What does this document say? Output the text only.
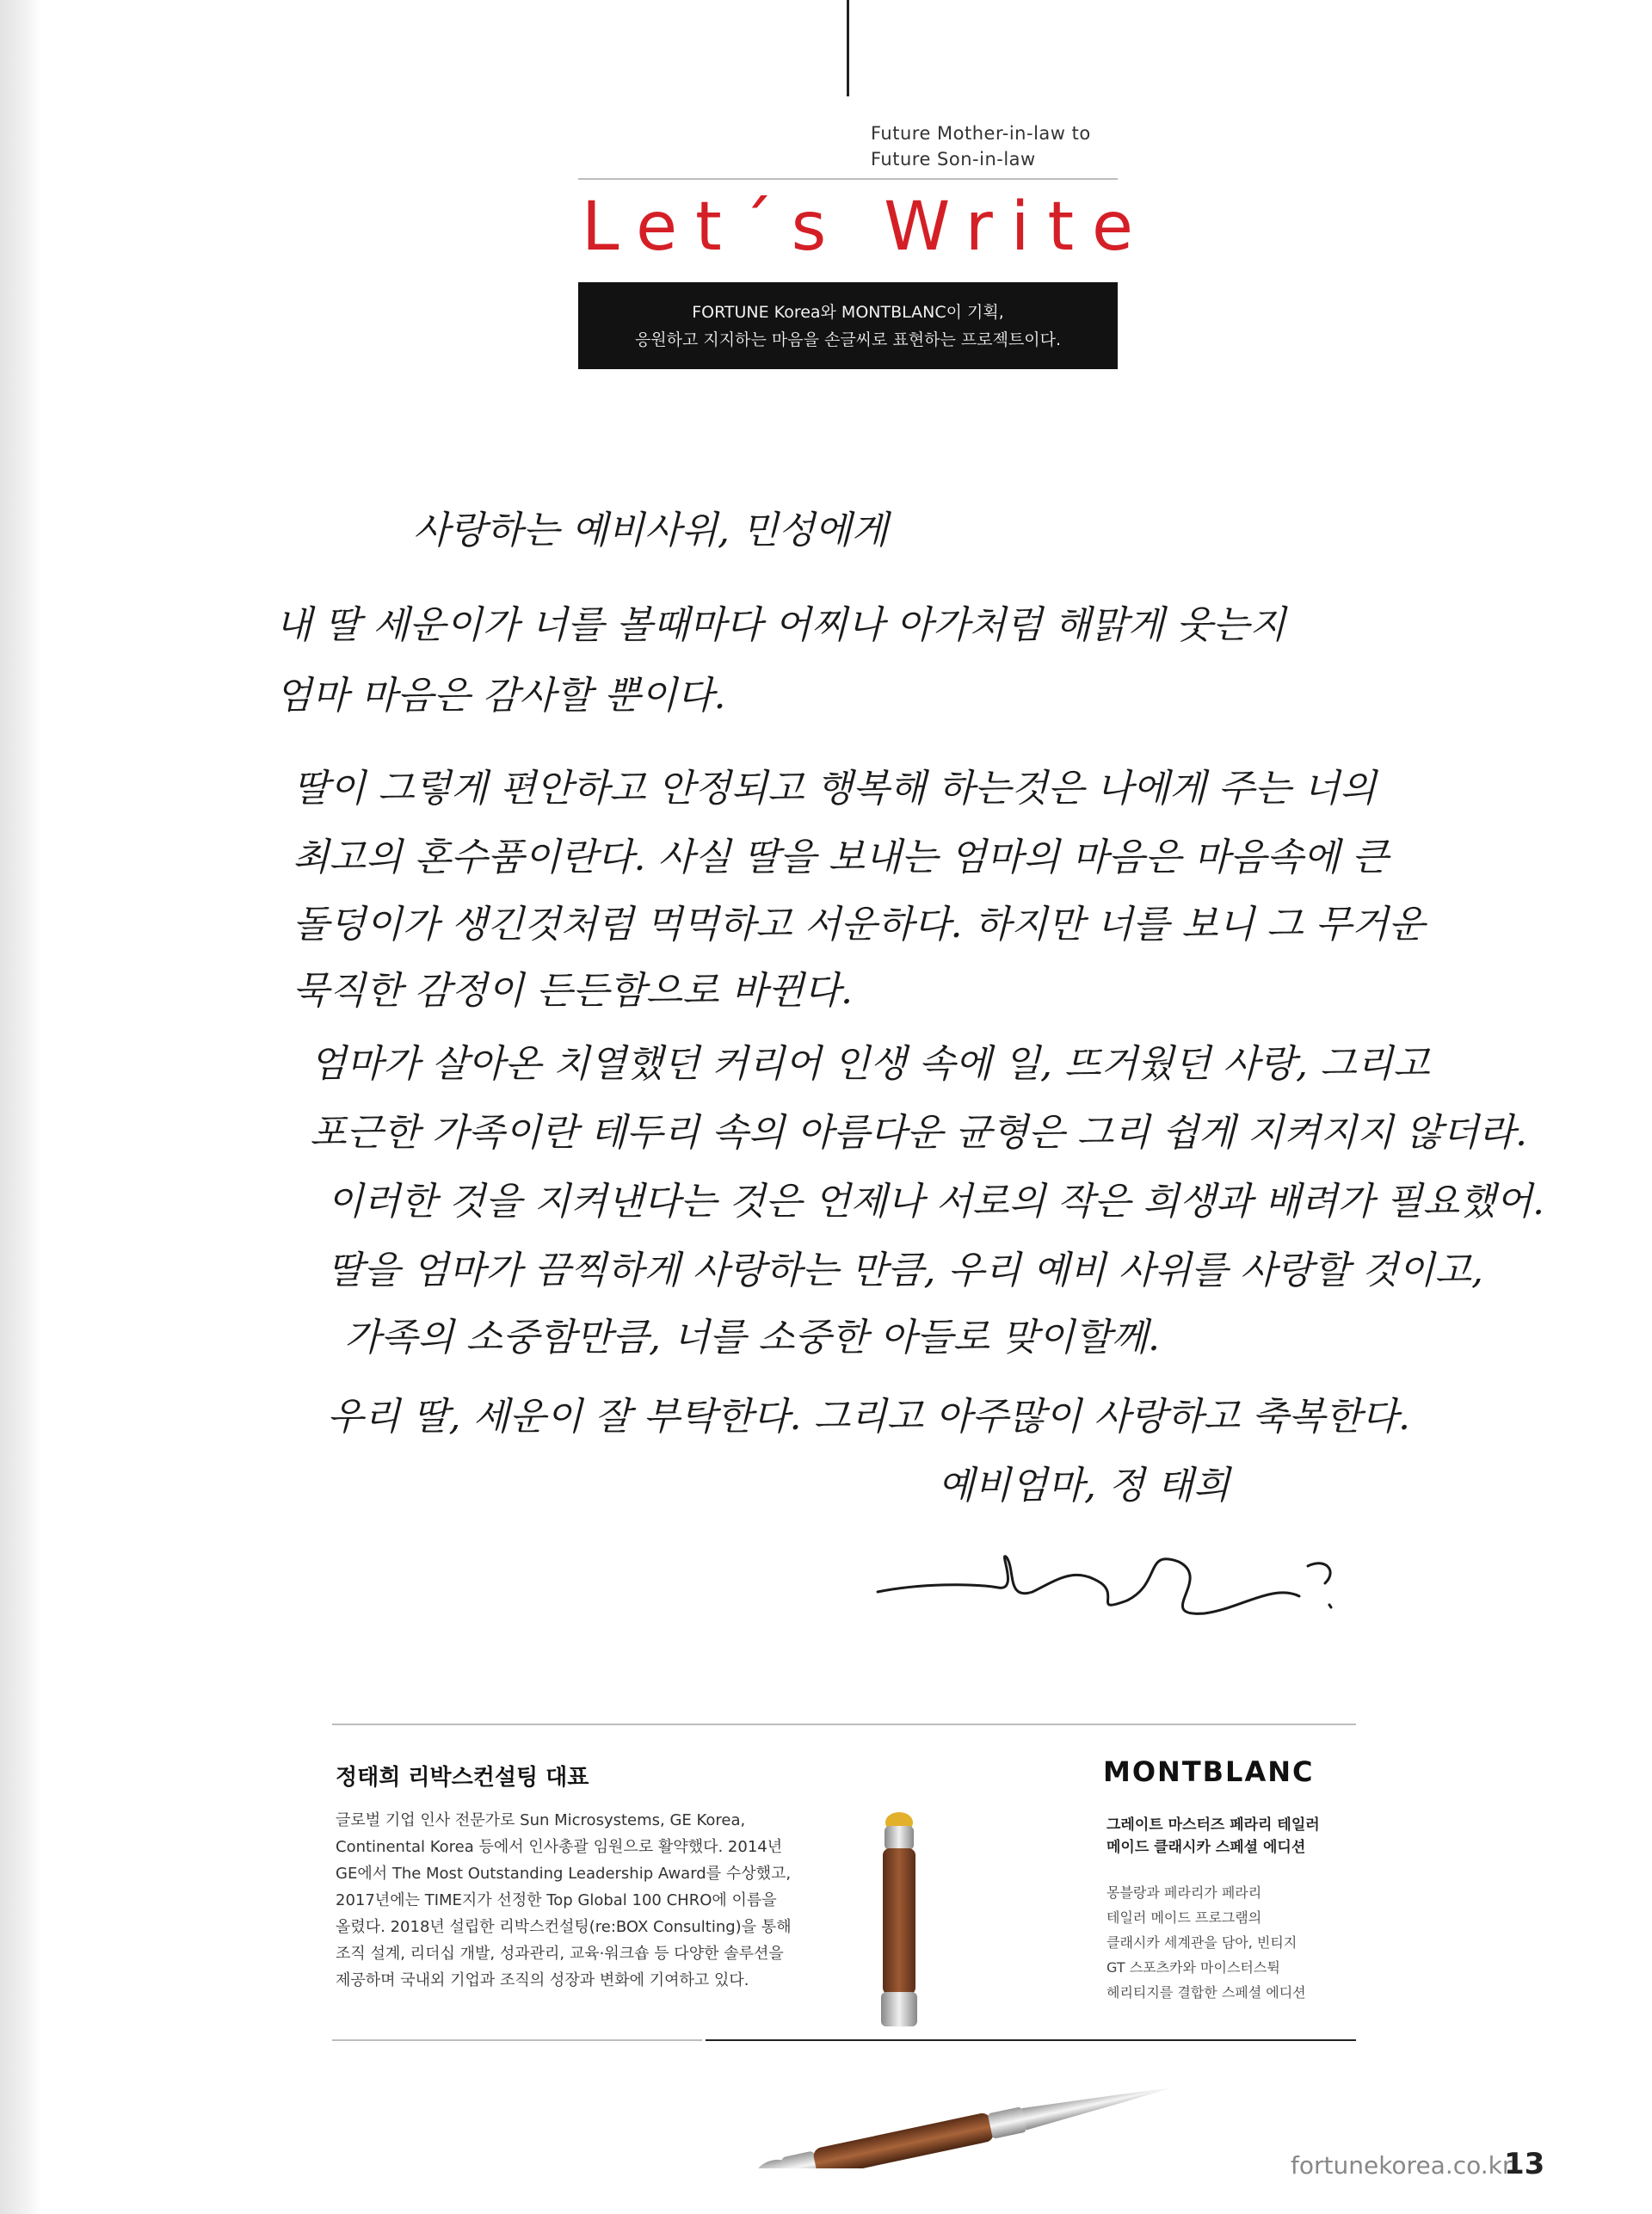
Future Mother-in-law to
Future Son-in-law
Let´s Write
FORTUNE Korea와 MONTBLANC이 기획,
응원하고 지지하는 마음을 손글씨로 표현하는 프로젝트이다.
사랑하는 예비사위, 민성에게
내 딸 세운이가 너를 볼때마다 어찌나 아가처럼 해맑게 웃는지
엄마 마음은 감사할 뿐이다.
딸이 그렇게 편안하고 안정되고 행복해 하는것은 나에게 주는 너의
최고의 혼수품이란다. 사실 딸을 보내는 엄마의 마음은 마음속에 큰
돌덩이가 생긴것처럼 먹먹하고 서운하다. 하지만 너를 보니 그 무거운
묵직한 감정이 든든함으로 바뀐다.
엄마가 살아온 치열했던 커리어 인생 속에 일, 뜨거웠던 사랑, 그리고
포근한 가족이란 테두리 속의 아름다운 균형은 그리 쉽게 지켜지지 않더라.
이러한 것을 지켜낸다는 것은 언제나 서로의 작은 희생과 배려가 필요했어.
딸을 엄마가 끔찍하게 사랑하는 만큼, 우리 예비 사위를 사랑할 것이고,
가족의 소중함만큼, 너를 소중한 아들로 맞이할께.
우리 딸, 세운이 잘 부탁한다. 그리고 아주많이 사랑하고 축복한다.
예비엄마, 정 태희
정태희 리박스컨설팅 대표
글로벌 기업 인사 전문가로 Sun Microsystems, GE Korea,
Continental Korea 등에서 인사총괄 임원으로 활약했다. 2014년
GE에서 The Most Outstanding Leadership Award를 수상했고,
2017년에는 TIME지가 선정한 Top Global 100 CHRO에 이름을
올렸다. 2018년 설립한 리박스컨설팅(re:BOX Consulting)을 통해
조직 설계, 리더십 개발, 성과관리, 교육·워크숍 등 다양한 솔루션을
제공하며 국내외 기업과 조직의 성장과 변화에 기여하고 있다.
MONTBLANC
그레이트 마스터즈 페라리 테일러
메이드 클래시카 스페셜 에디션
몽블랑과 페라리가 페라리
테일러 메이드 프로그램의
클래시카 세계관을 담아, 빈티지
GT 스포츠카와 마이스터스튁
헤리티지를 결합한 스페셜 에디션
fortunekorea.co.kr
13
